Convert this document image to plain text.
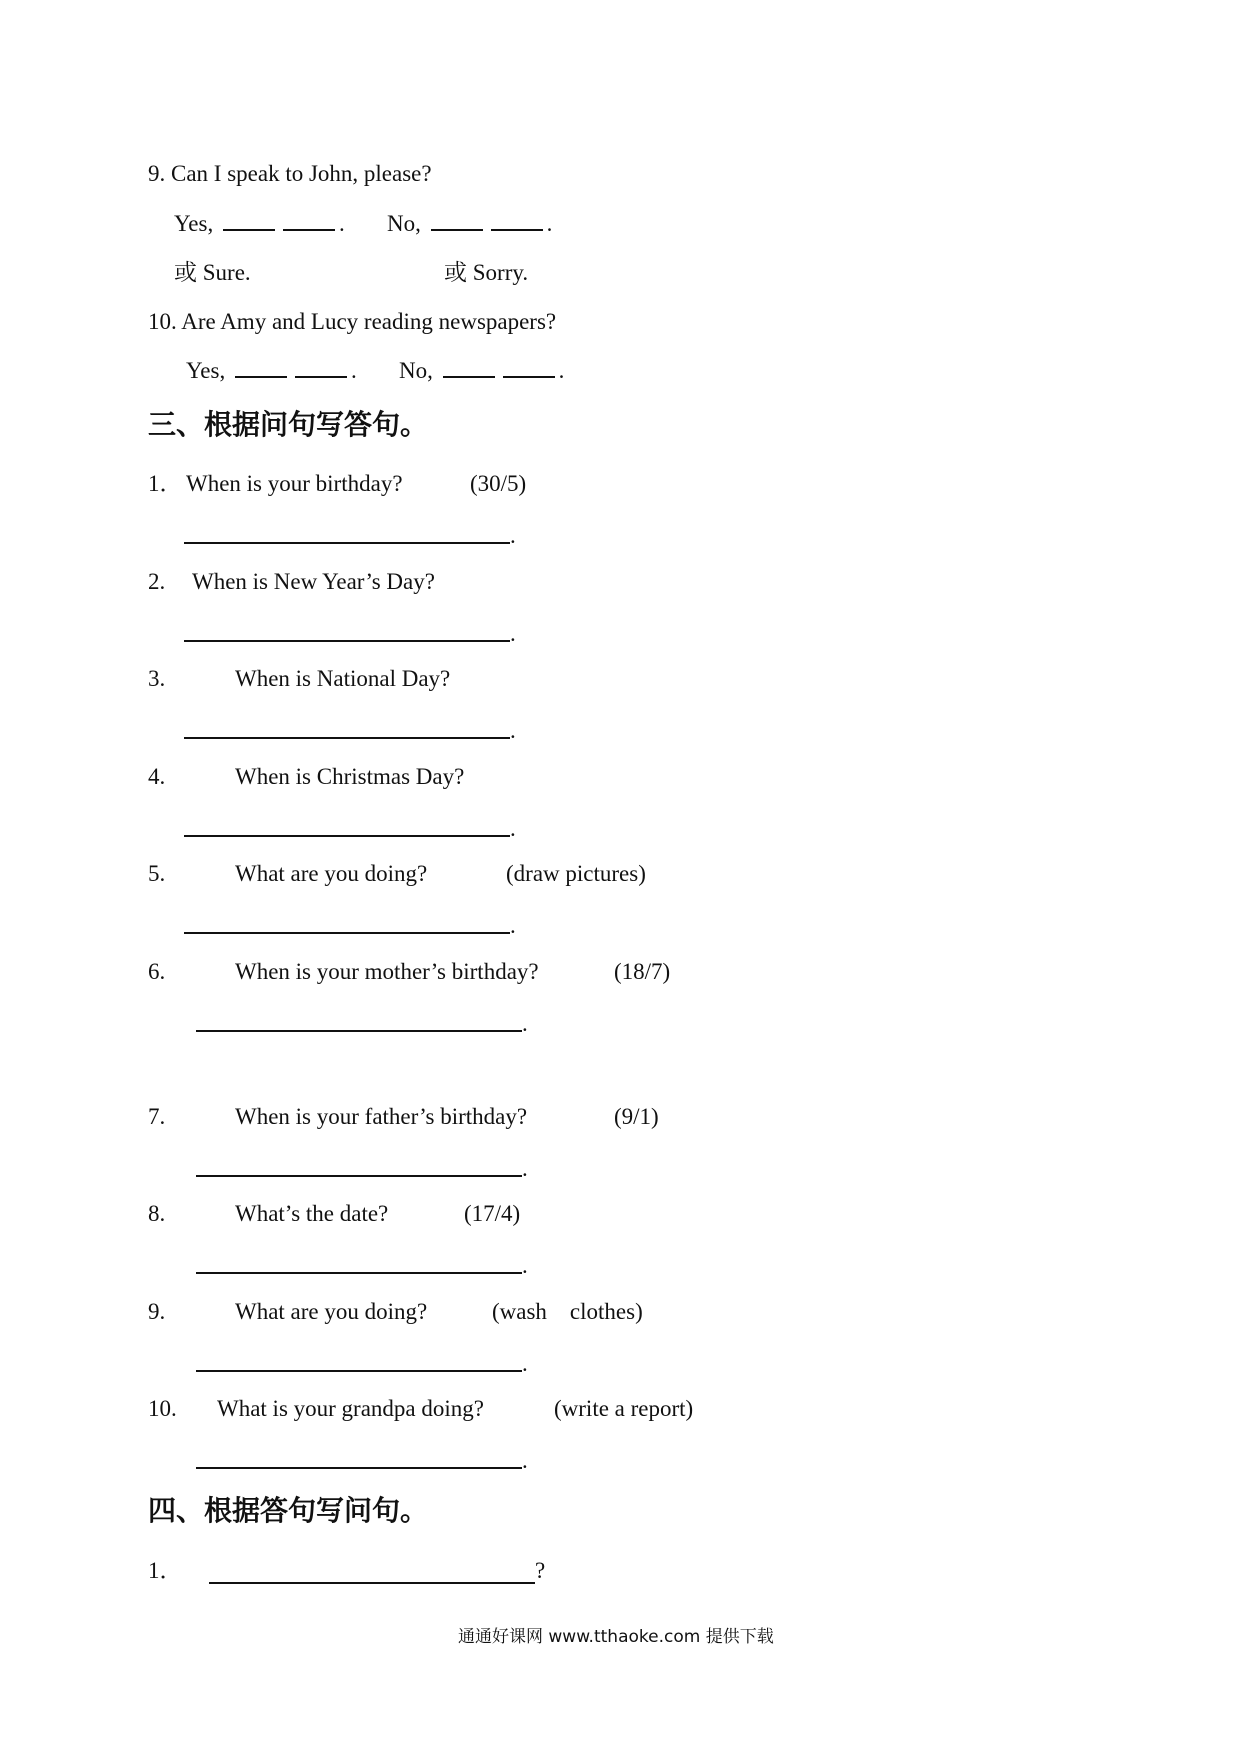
9. Can I speak to John, please?
Yes,	. No,	.
或 Sure.	或 Sorry.
10. Are Amy and Lucy reading newspapers?
Yes,	. No,	.
三、根据问句写答句。
1． When is your birthday?	(30/5)
.
2. When is New Year’s Day?
.
3.	When is National Day?
.
4.	When is Christmas Day?
.
5.	What are you doing?	(draw pictures)
.
6.	When is your mother’s birthday?	(18/7)
.
7.	When is your father’s birthday?	(9/1)
.
8.	What’s the date?	(17/4)
.
9.	What are you doing?	(wash    clothes)
.
10. What is your grandpa doing?	(write a report)
.
四、根据答句写问句。
1．	?
通通好课网 www.tthaoke.com 提供下载
